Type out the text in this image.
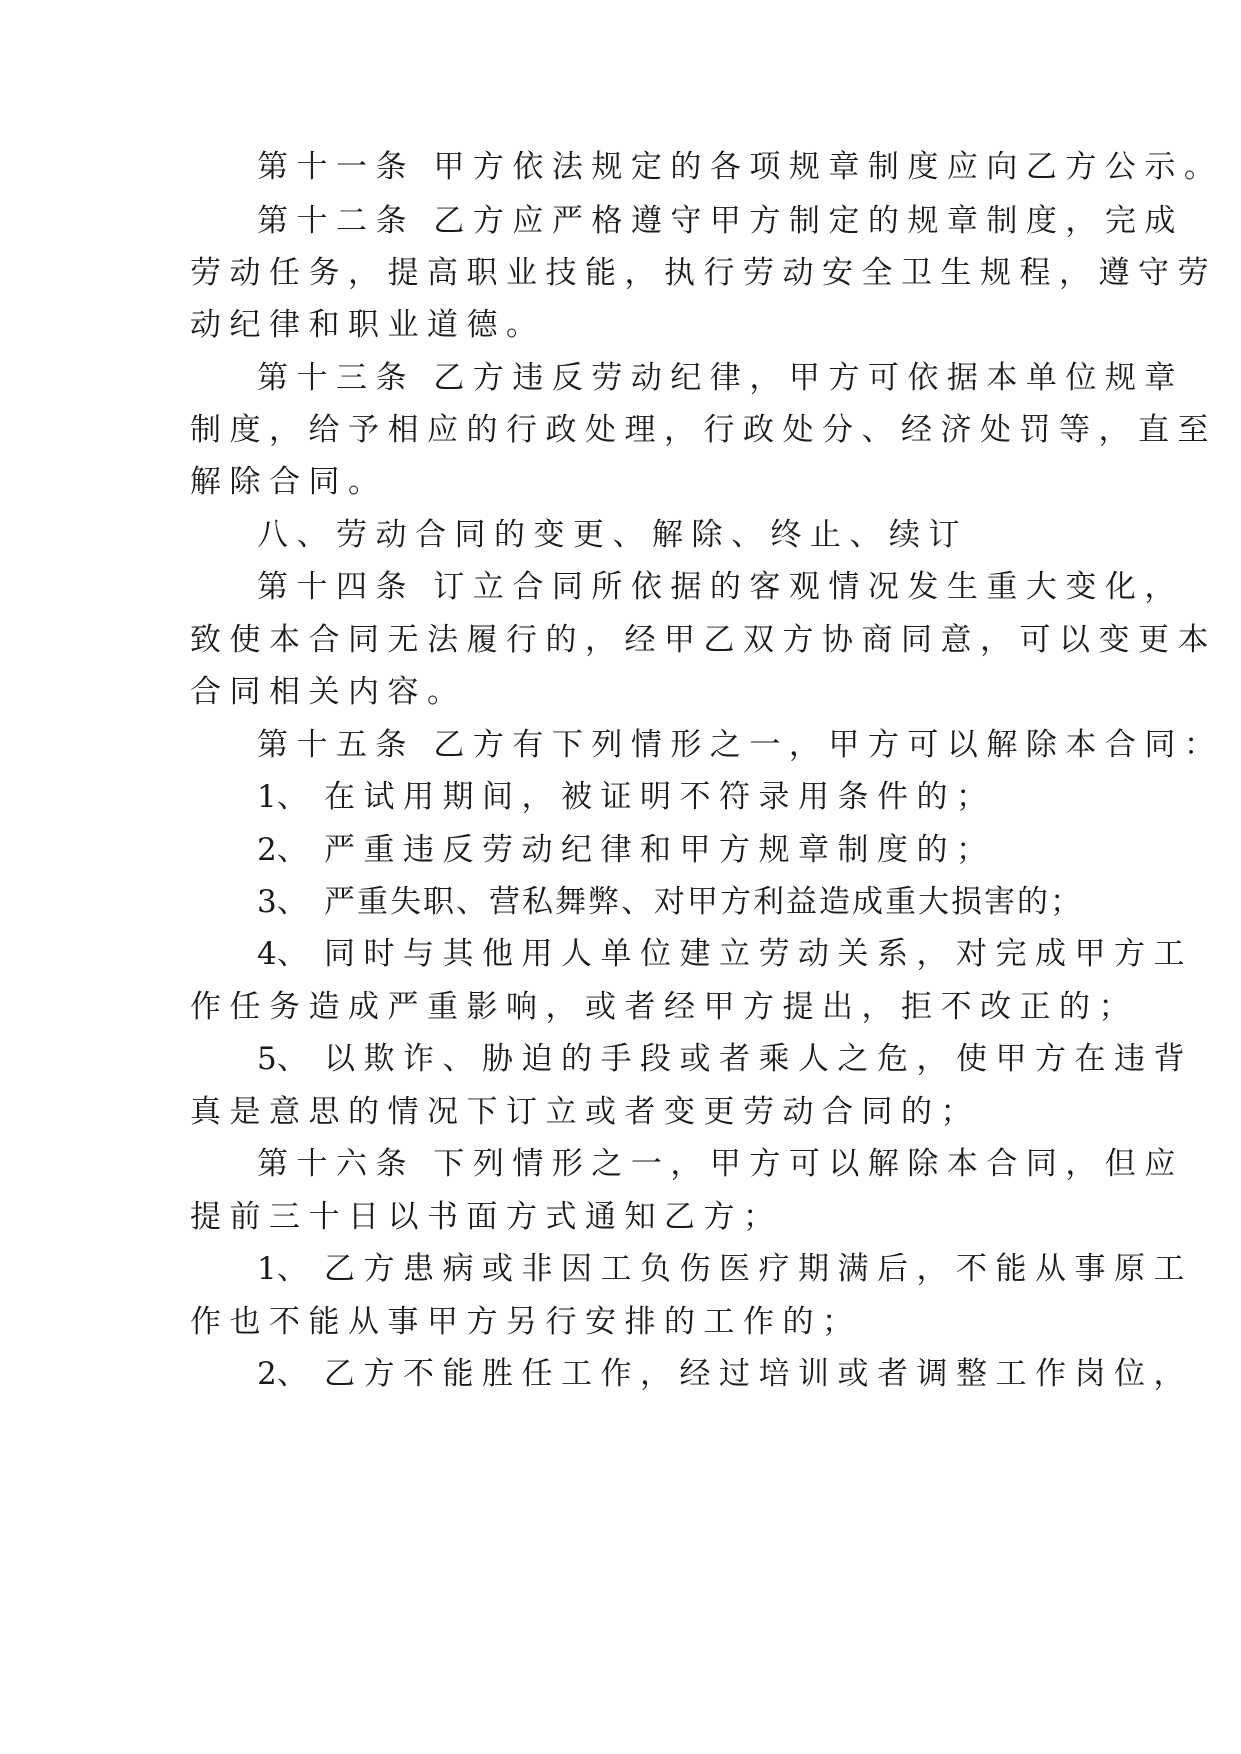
第十一条 甲方依法规定的各项规章制度应向乙方公示。
第十二条 乙方应严格遵守甲方制定的规章制度，完成
劳动任务，提高职业技能，执行劳动安全卫生规程，遵守劳
动纪律和职业道德。
第十三条 乙方违反劳动纪律，甲方可依据本单位规章
制度，给予相应的行政处理，行政处分、经济处罚等，直至
解除合同。
八、劳动合同的变更、解除、终止、续订
第十四条 订立合同所依据的客观情况发生重大变化，
致使本合同无法履行的，经甲乙双方协商同意，可以变更本
合同相关内容。
第十五条 乙方有下列情形之一，甲方可以解除本合同：
1、 在试用期间，被证明不符录用条件的；
2、 严重违反劳动纪律和甲方规章制度的；
3、 严重失职、营私舞弊、对甲方利益造成重大损害的；
4、 同时与其他用人单位建立劳动关系，对完成甲方工
作任务造成严重影响，或者经甲方提出，拒不改正的；
5、 以欺诈、胁迫的手段或者乘人之危，使甲方在违背
真是意思的情况下订立或者变更劳动合同的；
第十六条 下列情形之一，甲方可以解除本合同，但应
提前三十日以书面方式通知乙方；
1、 乙方患病或非因工负伤医疗期满后，不能从事原工
作也不能从事甲方另行安排的工作的；
2、 乙方不能胜任工作，经过培训或者调整工作岗位，
